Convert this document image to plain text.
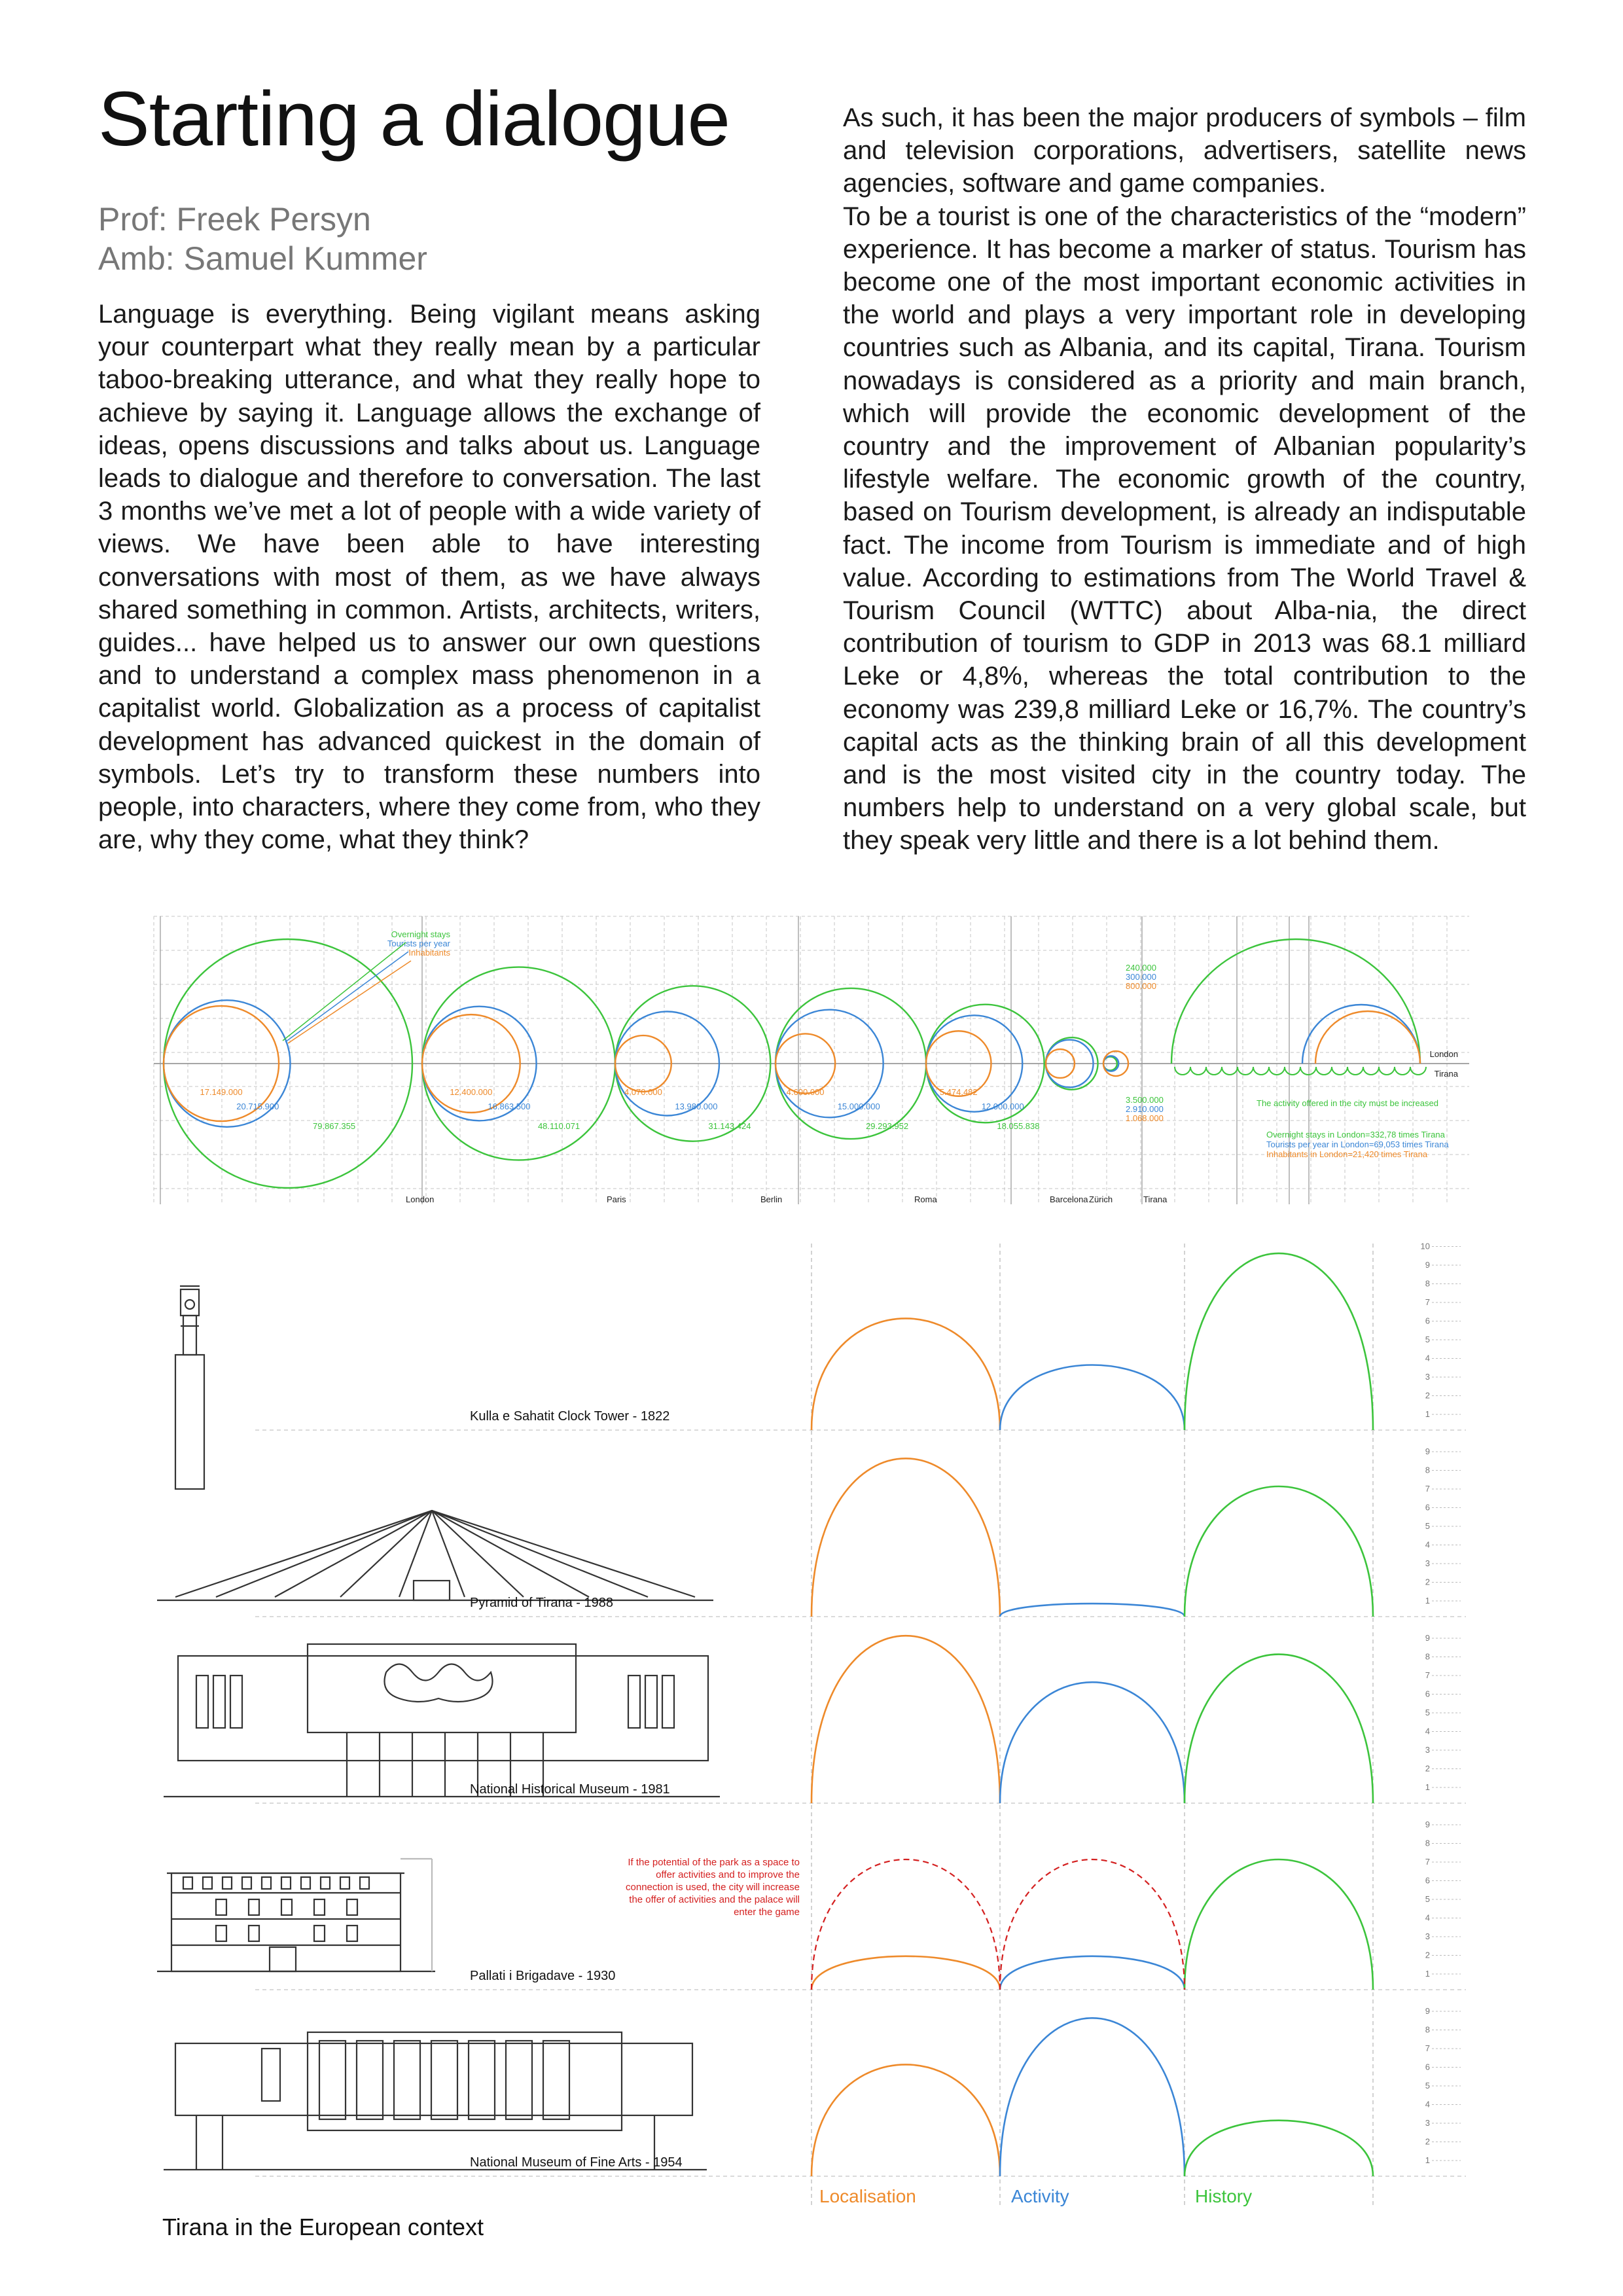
Starting a dialogue
Prof: Freek Persyn
Amb: Samuel Kummer

Language is everything. Being vigilant means asking your counterpart what they really mean by a particular taboo-breaking utterance, and what they really hope to achieve by saying it. Language allows the exchange of ideas, opens discussions and talks about us. Language leads to dialogue and therefore to conversation. The last 3 months we’ve met a lot of people with a wide variety of views. We have been able to have interesting conversations with most of them, as we have always shared something in common. Artists, architects, writers, guides... have helped us to answer our own questions and to understand a complex mass phenomenon in a capitalist world. Globalization as a process of capitalist development has advanced quickest in the domain of symbols. Let’s try to transform these numbers into people, into characters, where they come from, who they are, why they come, what they think?

As such, it has been the major producers of symbols – film and television corporations, advertisers, satellite news agencies, software and game companies.

To be a tourist is one of the characteristics of the “modern” experience. It has become a marker of status. Tourism has become one of the most important economic activities in the world and plays a very important role in developing countries such as Albania, and its capital, Tirana. Tourism nowadays is considered as a priority and main branch, which will provide the economic development of the country and the improvement of Albanian popularity’s lifestyle welfare. The economic growth of the country, based on Tourism development, is already an indisputable fact. The income from Tourism is immediate and of high value. According to estimations from The World Travel & Tourism Council (WTTC) about Alba-nia, the direct contribution of tourism to GDP in 2013 was 68.1 milliard Leke or 4,8%, whereas the total contribution to the economy was 239,8 milliard Leke or 16,7%. The country’s capital acts as the thinking brain of all this development and is the most visited city in the country today. The numbers help to understand on a very global scale, but they speak very little and there is a lot behind them.

17.149.000
20.715.900
79.867.355
London
12.400.000
16.863.500
48.110.071
Paris
4.070.000
13.980.000
31.143.424
Berlin
4.600.000
15.000.000
29.293.952
Roma
5.474.482
12.000.000
18.055.838
Barcelona Zürich	Tirana
Overnight stays
Tourists per year
Inhabitants
240.000
300.000
800.000
3.500.000
2.910.000
1.068.000
London
Tirana
The activity offered in the city must be increased
Overnight stays in London=332,78 times Tirana
Tourists per year in London=69,053 times Tirana
Inhabitants in London=21,420 times Tirana
1
2
3
4
5
6
7
8
9
10
Kulla e Sahatit Clock Tower - 1822
1
2
3
4
5
6
7
8
9
Pyramid of Tirana - 1988
1
2
3
4
5
6
7
8
9
National Historical Museum - 1981
1
2
3
4
5
6
7
8
9
Pallati i Brigadave - 1930
1
2
3
4
5
6
7
8
9
National Museum of Fine Arts - 1954
If the potential of the park as a space to offer activities and to improve the connection is used, the city will increase the offer of activities and the palace will enter the game
Localisation	Activity	History
Tirana in the European context
